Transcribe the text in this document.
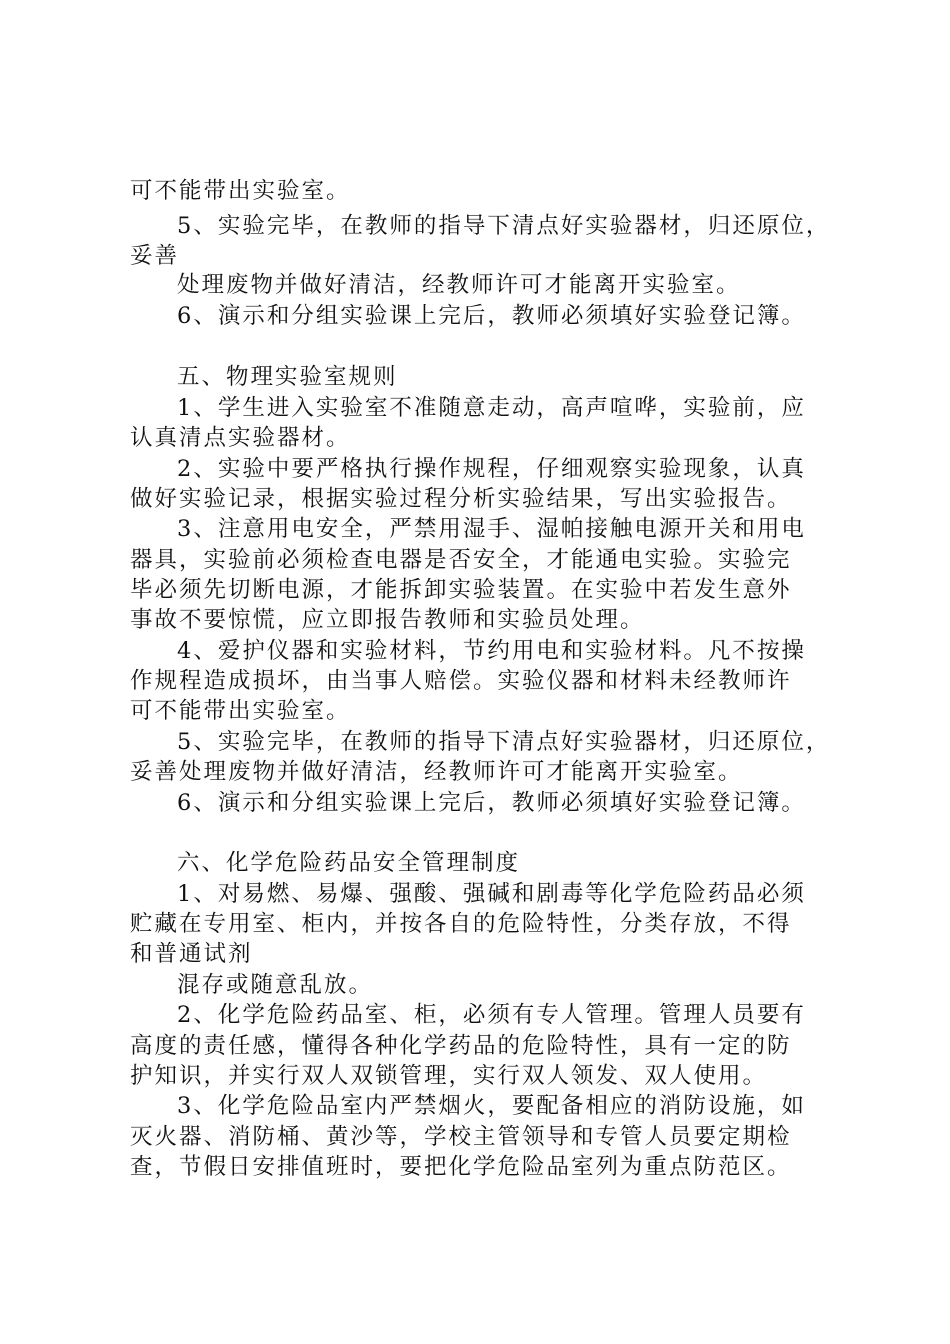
可不能带出实验室。
5、实验完毕，在教师的指导下清点好实验器材，归还原位，
妥善
处理废物并做好清洁，经教师许可才能离开实验室。
6、演示和分组实验课上完后，教师必须填好实验登记簿。
五、物理实验室规则
1、学生进入实验室不准随意走动，高声喧哗，实验前，应
认真清点实验器材。
2、实验中要严格执行操作规程，仔细观察实验现象，认真
做好实验记录，根据实验过程分析实验结果，写出实验报告。
3、注意用电安全，严禁用湿手、湿帕接触电源开关和用电
器具，实验前必须检查电器是否安全，才能通电实验。实验完
毕必须先切断电源，才能拆卸实验装置。在实验中若发生意外
事故不要惊慌，应立即报告教师和实验员处理。
4、爱护仪器和实验材料，节约用电和实验材料。凡不按操
作规程造成损坏，由当事人赔偿。实验仪器和材料未经教师许
可不能带出实验室。
5、实验完毕，在教师的指导下清点好实验器材，归还原位，
妥善处理废物并做好清洁，经教师许可才能离开实验室。
6、演示和分组实验课上完后，教师必须填好实验登记簿。
六、化学危险药品安全管理制度
1、对易燃、易爆、强酸、强碱和剧毒等化学危险药品必须
贮藏在专用室、柜内，并按各自的危险特性，分类存放，不得
和普通试剂
混存或随意乱放。
2、化学危险药品室、柜，必须有专人管理。管理人员要有
高度的责任感，懂得各种化学药品的危险特性，具有一定的防
护知识，并实行双人双锁管理，实行双人领发、双人使用。
3、化学危险品室内严禁烟火，要配备相应的消防设施，如
灭火器、消防桶、黄沙等，学校主管领导和专管人员要定期检
查，节假日安排值班时，要把化学危险品室列为重点防范区。
